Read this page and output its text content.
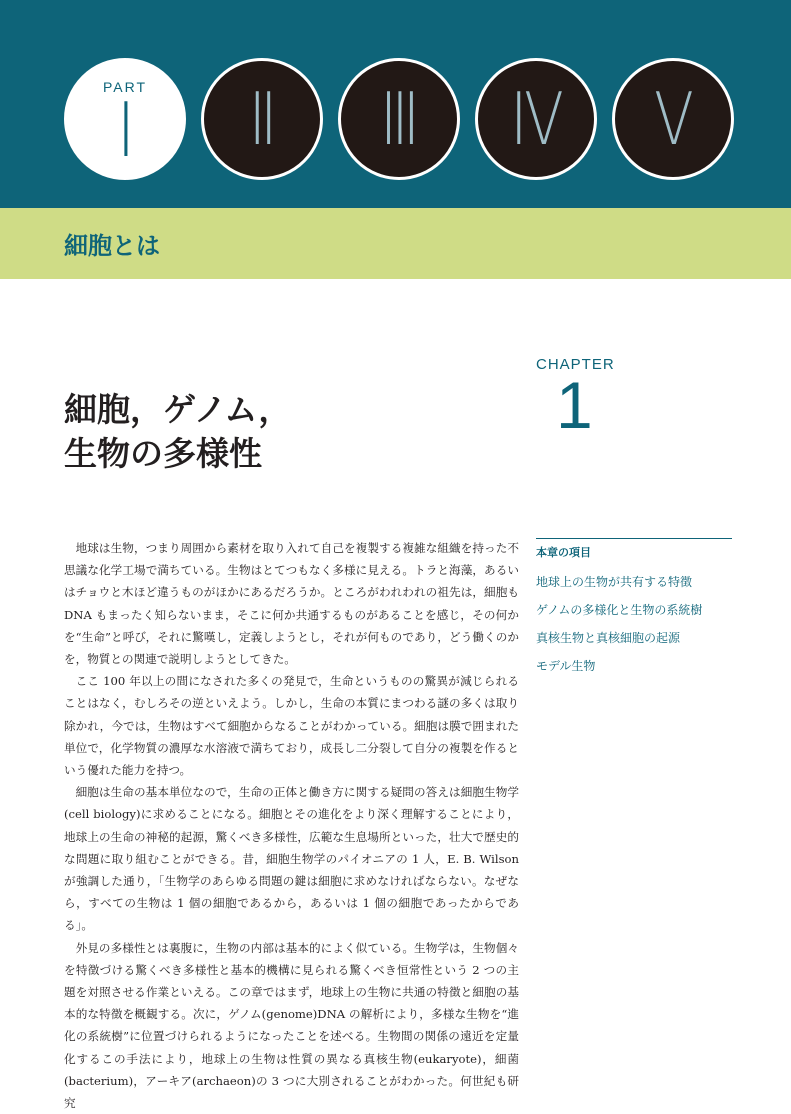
PART
Ⅰ Ⅱ Ⅲ Ⅳ Ⅴ
細胞とは
CHAPTER
1
細胞，ゲノム，
生物の多様性
本章の項目
地球上の生物が共有する特徴
ゲノムの多様化と生物の系統樹
真核生物と真核細胞の起源
モデル生物

地球は生物，つまり周囲から素材を取り入れて自己を複製する複雑な組織を持った不思議な化学工場で満ちている。生物はとてつもなく多様に見える。トラと海藻，あるいはチョウと木ほど違うものがほかにあるだろうか。ところがわれわれの祖先は，細胞もDNA もまったく知らないまま，そこに何か共通するものがあることを感じ，その何かを“生命”と呼び，それに驚嘆し，定義しようとし，それが何ものであり，どう働くのかを，物質との関連で説明しようとしてきた。

ここ 100 年以上の間になされた多くの発見で，生命というものの驚異が減じられることはなく，むしろその逆といえよう。しかし，生命の本質にまつわる謎の多くは取り除かれ，今では，生物はすべて細胞からなることがわかっている。細胞は膜で囲まれた単位で，化学物質の濃厚な水溶液で満ちており，成長し二分裂して自分の複製を作るという優れた能力を持つ。

細胞は生命の基本単位なので，生命の正体と働き方に関する疑問の答えは細胞生物学(cell biology)に求めることになる。細胞とその進化をより深く理解することにより，地球上の生命の神秘的起源，驚くべき多様性，広範な生息場所といった，壮大で歴史的な問題に取り組むことができる。昔，細胞生物学のパイオニアの 1 人，E. B. Wilson が強調した通り，「生物学のあらゆる問題の鍵は細胞に求めなければならない。なぜなら，すべての生物は 1 個の細胞であるから，あるいは 1 個の細胞であったからである」。

外見の多様性とは裏腹に，生物の内部は基本的によく似ている。生物学は，生物個々を特徴づける驚くべき多様性と基本的機構に見られる驚くべき恒常性という 2 つの主題を対照させる作業といえる。この章ではまず，地球上の生物に共通の特徴と細胞の基本的な特徴を概観する。次に，ゲノム(genome)DNA の解析により，多様な生物を“進化の系統樹”に位置づけられるようになったことを述べる。生物間の関係の遠近を定量化するこの手法により，地球上の生物は性質の異なる真核生物(eukaryote)，細菌(bacterium)，アーキア(archaeon)の 3 つに大別されることがわかった。何世紀も研究
